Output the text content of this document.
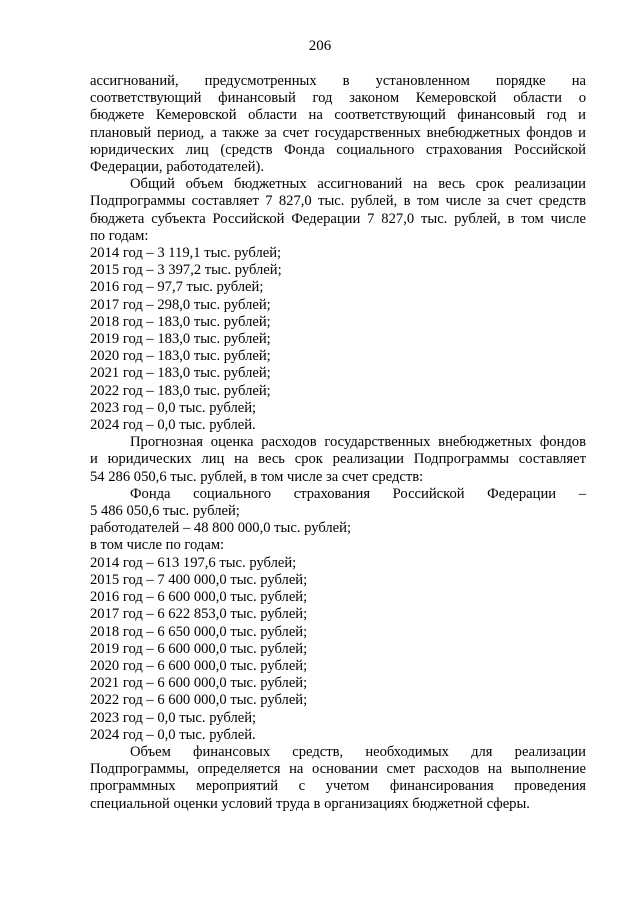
206

ассигнований, предусмотренных в установленном порядке на

соответствующий финансовый год законом Кемеровской области о

бюджете Кемеровской области на соответствующий финансовый год и

плановый период, а также за счет государственных внебюджетных фондов и

юридических лиц (средств Фонда социального страхования Российской

Федерации, работодателей).

Общий объем бюджетных ассигнований на весь срок реализации

Подпрограммы составляет 7 827,0 тыс. рублей, в том числе за счет средств

бюджета субъекта Российской Федерации 7 827,0 тыс. рублей, в том числе

по годам:

2014 год – 3 119,1 тыс. рублей;

2015 год – 3 397,2 тыс. рублей;

2016 год – 97,7 тыс. рублей;

2017 год – 298,0 тыс. рублей;

2018 год – 183,0 тыс. рублей;

2019 год – 183,0 тыс. рублей;

2020 год – 183,0 тыс. рублей;

2021 год – 183,0 тыс. рублей;

2022 год – 183,0 тыс. рублей;

2023 год – 0,0 тыс. рублей;

2024 год – 0,0 тыс. рублей.

Прогнозная оценка расходов государственных внебюджетных фондов

и юридических лиц на весь срок реализации Подпрограммы составляет

54 286 050,6 тыс. рублей, в том числе за счет средств:

Фонда социального страхования Российской Федерации –

5 486 050,6 тыс. рублей;

работодателей – 48 800 000,0 тыс. рублей;

в том числе по годам:

2014 год – 613 197,6 тыс. рублей;

2015 год – 7 400 000,0 тыс. рублей;

2016 год – 6 600 000,0 тыс. рублей;

2017 год – 6 622 853,0 тыс. рублей;

2018 год – 6 650 000,0 тыс. рублей;

2019 год – 6 600 000,0 тыс. рублей;

2020 год – 6 600 000,0 тыс. рублей;

2021 год – 6 600 000,0 тыс. рублей;

2022 год – 6 600 000,0 тыс. рублей;

2023 год – 0,0 тыс. рублей;

2024 год – 0,0 тыс. рублей.

Объем финансовых средств, необходимых для реализации

Подпрограммы, определяется на основании смет расходов на выполнение

программных мероприятий с учетом финансирования проведения

специальной оценки условий труда в организациях бюджетной сферы.
